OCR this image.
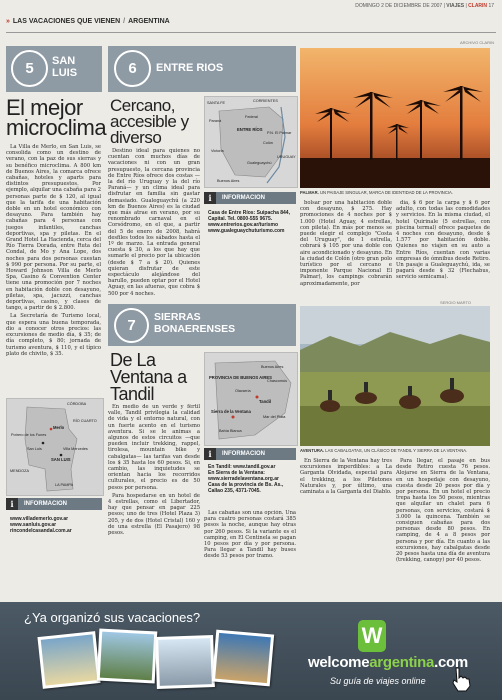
DOMINGO 2 DE DICIEMBRE DE 2007 | VIAJES | CLARIN 17
» LAS VACACIONES QUE VIENEN / ARGENTINA
ARCHIVO CLARIN
5	SAN LUIS
El mejor microclima

La Villa de Merlo, en San Luis, se consolida como un destino de verano, con la paz de sus sierras y su benéfico microclima. A 800 km de Buenos Aires, la comarca ofrece cabañas, hoteles y aparts para distintos presupuestos. Por ejemplo, alquilar una cabaña para 2 personas parte de $ 120, al igual que la tarifa de una habitación doble en un hotel económico con desayuno. Para también hay cabañas para 4 personas con juegos infantiles, canchas deportivas, spa y piletas. En el Grand Hotel La Hacienda, cerca del Río Tierra Dorada, entre Ruta del Condal, de Mo y Ana Lope, dos noches para dos personas cuestan $ 990 por persona. Por su parte, el Howard Johnson Villa de Merlo Spa, Casino & Convention Center tiene una promoción por 7 noches en habitación doble con desayuno, piletas, spa, jacuzzi, canchas deportivas, casino, y clases de tango, a partir de $ 2.800.

La Secretaría de Turismo local, que espera una buena temporada, dio a conocer otros precios: las excursiones de medio día, $ 35; de día completo, $ 80; jornada de turismo aventura, $ 110, y el típico plato de chivito, $ 35.

SAN LUIS
CÓRDOBA
Merlo
Potrero de los Funes
San Luis	Villa Mercedes
MENDOZA
LA PAMPA
RÍO CUARTO
i	INFORMACION
www.villademerlo.gov.ar
www.sanluis.gov.ar
rincondelcasandal.com.ar
6	ENTRE RIOS
Cercano, accesible y diverso	ENTRE RÍOS
Paraná
Federal
Victoria
Colón
Gualeguaychú
P.N. El Palmar
SANTA FE	CORRIENTES
URUGUAY
Buenos Aires

Destino ideal para quienes no cuentan con muchos días de vacaciones ni con un gran presupuesto, la cercana provincia de Entre Ríos ofrece dos costas —la del río Uruguay y la del río Paraná— y un clima ideal para disfrutar en familia sin gastar demasiado. Gualeguaychú (a 220 km de Buenos Aires) es la ciudad que más atrae en verano, por su renombrado carnaval en el Corsódromo, en el que, a partir del 5 de enero de 2008, habrá desfiles todos los sábados hasta el 1º de marzo. La entrada general cuesta $ 30, a los que hay que sumarle el precio por la ubicación (desde $ 7 a $ 20). Quienes quieran disfrutar de este espectáculo alejándose del barullo, pueden optar por el Hotel Aguay, en las afueras, que cobra $ 500 por 4 noches.

i	INFORMACION
Casa de Entre Ríos: Suipacha 844, Capital. Tel. 0800-555 9675.
www.entrerios.gov.ar/turismo
www.gualeguaychuturismo.com
PALMAR. UN PAISAJE SINGULAR, MARCA DE IDENTIDAD DE LA PROVINCIA.

bolsar por una habitación doble con desayuno, $ 275. Hay promociones de 4 noches por $ 1.000 (Hotel Aguay, 4 estrellas, con pileta). En más por menos se puede elegir el complejo "Costa del Uruguay", de 1 estrella, cobrará $ 105 por una doble con aire acondicionado y desayuno. En la ciudad de Colón (otro gran polo turístico por el cercano e imponente Parque Nacional El Palmar), los campings cobrarán aproximadamente, por

día, $ 6 por la carpa y $ 6 por adulto, con todas las comodidades y servicios. En la misma ciudad, el hotel Quirinale (5 estrellas, con piscina termal) ofrece paquetes de 4 noches con desayuno, desde $ 1.577 por habitación doble. Quienes no viajen en su auto a Entre Ríos, cuentan con varias empresas de ómnibus desde Retiro. Un pasaje a Gualeguaychú, ida, se pagará desde $ 32 (Flechabus, servicio semicama).

7	SIERRAS BONAERENSES
De La Ventana a Tandil
PROVINCIA DE BUENOS AIRES
Buenos Aires
Olavarría
Tandil
Sierra de la Ventana
Bahía Blanca
Mar del Plata
Chascomús

En medio de un verde y fértil valle, Tandil privilegia la calidad de vida y el entorno natural, con un fuerte acento en el turismo aventura. Si se le animas a algunos de estos circuitos —que pueden incluir trekking, rappel, tirolesa, mountain bike y cabalgatas— las tarifas van desde los $ 35 hasta los 60 pesos. Si, en cambio, las inquietudes se orientan hacia los recorridos culturales, el precio es de 50 pesos por persona.

Para hospedarse en un hotel de 4 estrellas, como el Libertador, hay que pensar en pagar 225 pesos; uno de tres (Hotel Plaza 3) 205, y de dos (Hotel Cristal) 160 y de una estrella (El Pasajero) 98 pesos.

i	INFORMACION
En Tandil: www.tandil.gov.ar
En Sierra de la Ventana: www.sierradelaventana.org.ar
Casa de la provincia de Bs. As., Callao 235, 4371-7045.

Las cabañas son una opción. Una para cuatro personas costará 385 pesos la noche, aunque hay otras por 260 pesos. Si la variante es el camping, en El Centinela se pagan 10 pesos por día y por persona. Para llegar a Tandil hay buses desde 53 pesos por tramo.

SERGIO MARTO
AVENTURA. LAS CABALGATAS, UN CLÁSICO DE TANDIL Y SIERRA DE LA VENTANA.

En Sierra de la Ventana hay tres excursiones imperdibles: a La Garganta Olvidada, especial para el trekking, a los Piletones Naturales y, por último, una caminata a la Garganta del Diablo.

Para llegar, el pasaje en bus desde Retiro cuesta 76 pesos. Alojarse en Sierra de la Ventana, en un hospedaje con desayuno, cuesta desde 20 pesos por día y por persona. En un hotel el precio trepa hasta los 50 pesos, mientras que alquilar un chalet para 6 personas, con servicios, costará $ 3.000 la quincena. También se consiguen cabañas para dos personas desde 80 pesos. En camping, de 4 a 8 pesos por persona y por día. En cuanto a las excursiones, hay cabalgatas desde 20 pesos hasta una día de aventura (trekking, canopy) por 40 pesos.

¿Ya organizó sus vacaciones?
W
welcomeargentina.com
Su guía de viajes online
